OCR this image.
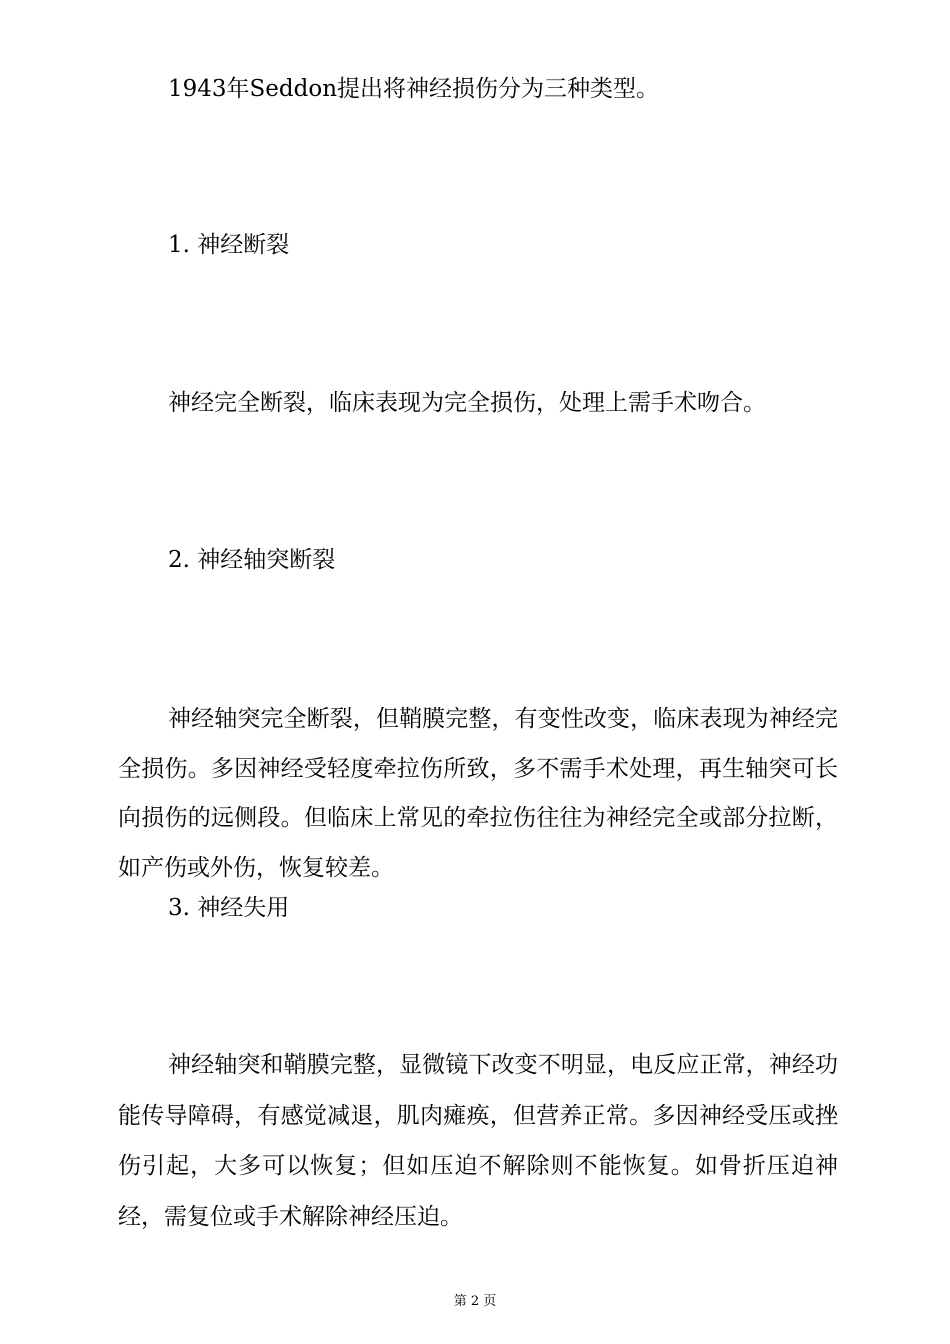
1943年Seddon提出将神经损伤分为三种类型。

1. 神经断裂

神经完全断裂，临床表现为完全损伤，处理上需手术吻合。

2. 神经轴突断裂

神经轴突完全断裂，但鞘膜完整，有变性改变，临床表现为神经完全损伤。多因神经受轻度牵拉伤所致，多不需手术处理，再生轴突可长向损伤的远侧段。但临床上常见的牵拉伤往往为神经完全或部分拉断，如产伤或外伤，恢复较差。

3. 神经失用

神经轴突和鞘膜完整，显微镜下改变不明显，电反应正常，神经功能传导障碍，有感觉减退，肌肉瘫痪，但营养正常。多因神经受压或挫伤引起，大多可以恢复；但如压迫不解除则不能恢复。如骨折压迫神经，需复位或手术解除神经压迫。

第 2 页
